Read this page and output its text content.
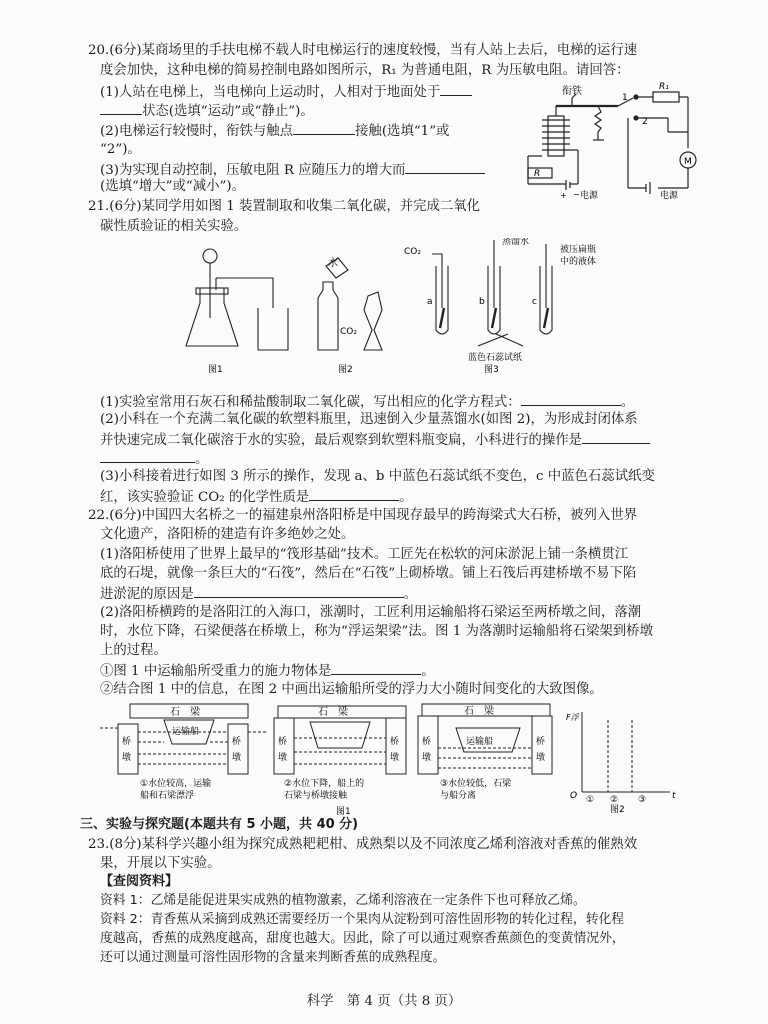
20.(6分)某商场里的手扶电梯不载人时电梯运行的速度较慢，当有人站上去后，电梯的运行速
度会加快，这种电梯的简易控制电路如图所示，R₁ 为普通电阻，R 为压敏电阻。请回答：
(1)人站在电梯上，当电梯向上运动时，人相对于地面处于
状态(选填“运动”或“静止”)。
(2)电梯运行较慢时，衔铁与触点	接触(选填“1”或
“2”)。
(3)为实现自动控制，压敏电阻 R 应随压力的增大而
(选填“增大”或“减小”)。
衔铁
1
2
R₁
R
M
电源	电源
+ −
21.(6分)某同学用如图 1 装置制取和收集二氧化碳，并完成二氧化
碳性质验证的相关实验。
水
CO₂
CO₂
蒸馏水
被压扁瓶
中的液体
a	b	c
蓝色石蕊试纸
图1	图2	图3
(1)实验室常用石灰石和稀盐酸制取二氧化碳，写出相应的化学方程式：	。
(2)小科在一个充满二氧化碳的软塑料瓶里，迅速倒入少量蒸馏水(如图 2)，为形成封闭体系
并快速完成二氧化碳溶于水的实验，最后观察到软塑料瓶变扁，小科进行的操作是
。
(3)小科接着进行如图 3 所示的操作，发现 a、b 中蓝色石蕊试纸不变色，c 中蓝色石蕊试纸变
红，该实验验证 CO₂ 的化学性质是	。
22.(6分)中国四大名桥之一的福建泉州洛阳桥是中国现存最早的跨海梁式大石桥，被列入世界
文化遗产，洛阳桥的建造有许多绝妙之处。
(1)洛阳桥使用了世界上最早的“筏形基础”技术。工匠先在松软的河床淤泥上铺一条横贯江
底的石堤，就像一条巨大的“石筏”，然后在“石筏”上砌桥墩。铺上石筏后再建桥墩不易下陷
进淤泥的原因是	。
(2)洛阳桥横跨的是洛阳江的入海口，涨潮时，工匠利用运输船将石梁运至两桥墩之间，落潮
时，水位下降，石梁便落在桥墩上，称为“浮运架梁”法。图 1 为落潮时运输船将石梁架到桥墩
上的过程。
①图 1 中运输船所受重力的施力物体是	。
②结合图 1 中的信息，在图 2 中画出运输船所受的浮力大小随时间变化的大致图像。
石　梁	石　梁	石　梁
运输船
运输船
桥
墩
桥
墩
桥
墩
桥
墩
桥
墩
桥
墩
①水位较高，运输
船和石梁漂浮
②水位下降，船上的
石梁与桥墩接触
③水位较低，石梁
与船分离
图1	图2
F浮
O	t
① ② ③
三、实验与探究题(本题共有 5 小题，共 40 分)
23.(8分)某科学兴趣小组为探究成熟耙耙柑、成熟梨以及不同浓度乙烯利溶液对香蕉的催熟效
果，开展以下实验。
【查阅资料】
资料 1：乙烯是能促进果实成熟的植物激素，乙烯利溶液在一定条件下也可释放乙烯。
资料 2：青香蕉从采摘到成熟还需要经历一个果肉从淀粉到可溶性固形物的转化过程，转化程
度越高，香蕉的成熟度越高，甜度也越大。因此，除了可以通过观察香蕉颜色的变黄情况外，
还可以通过测量可溶性固形物的含量来判断香蕉的成熟程度。
科学　第 4 页（共 8 页）
